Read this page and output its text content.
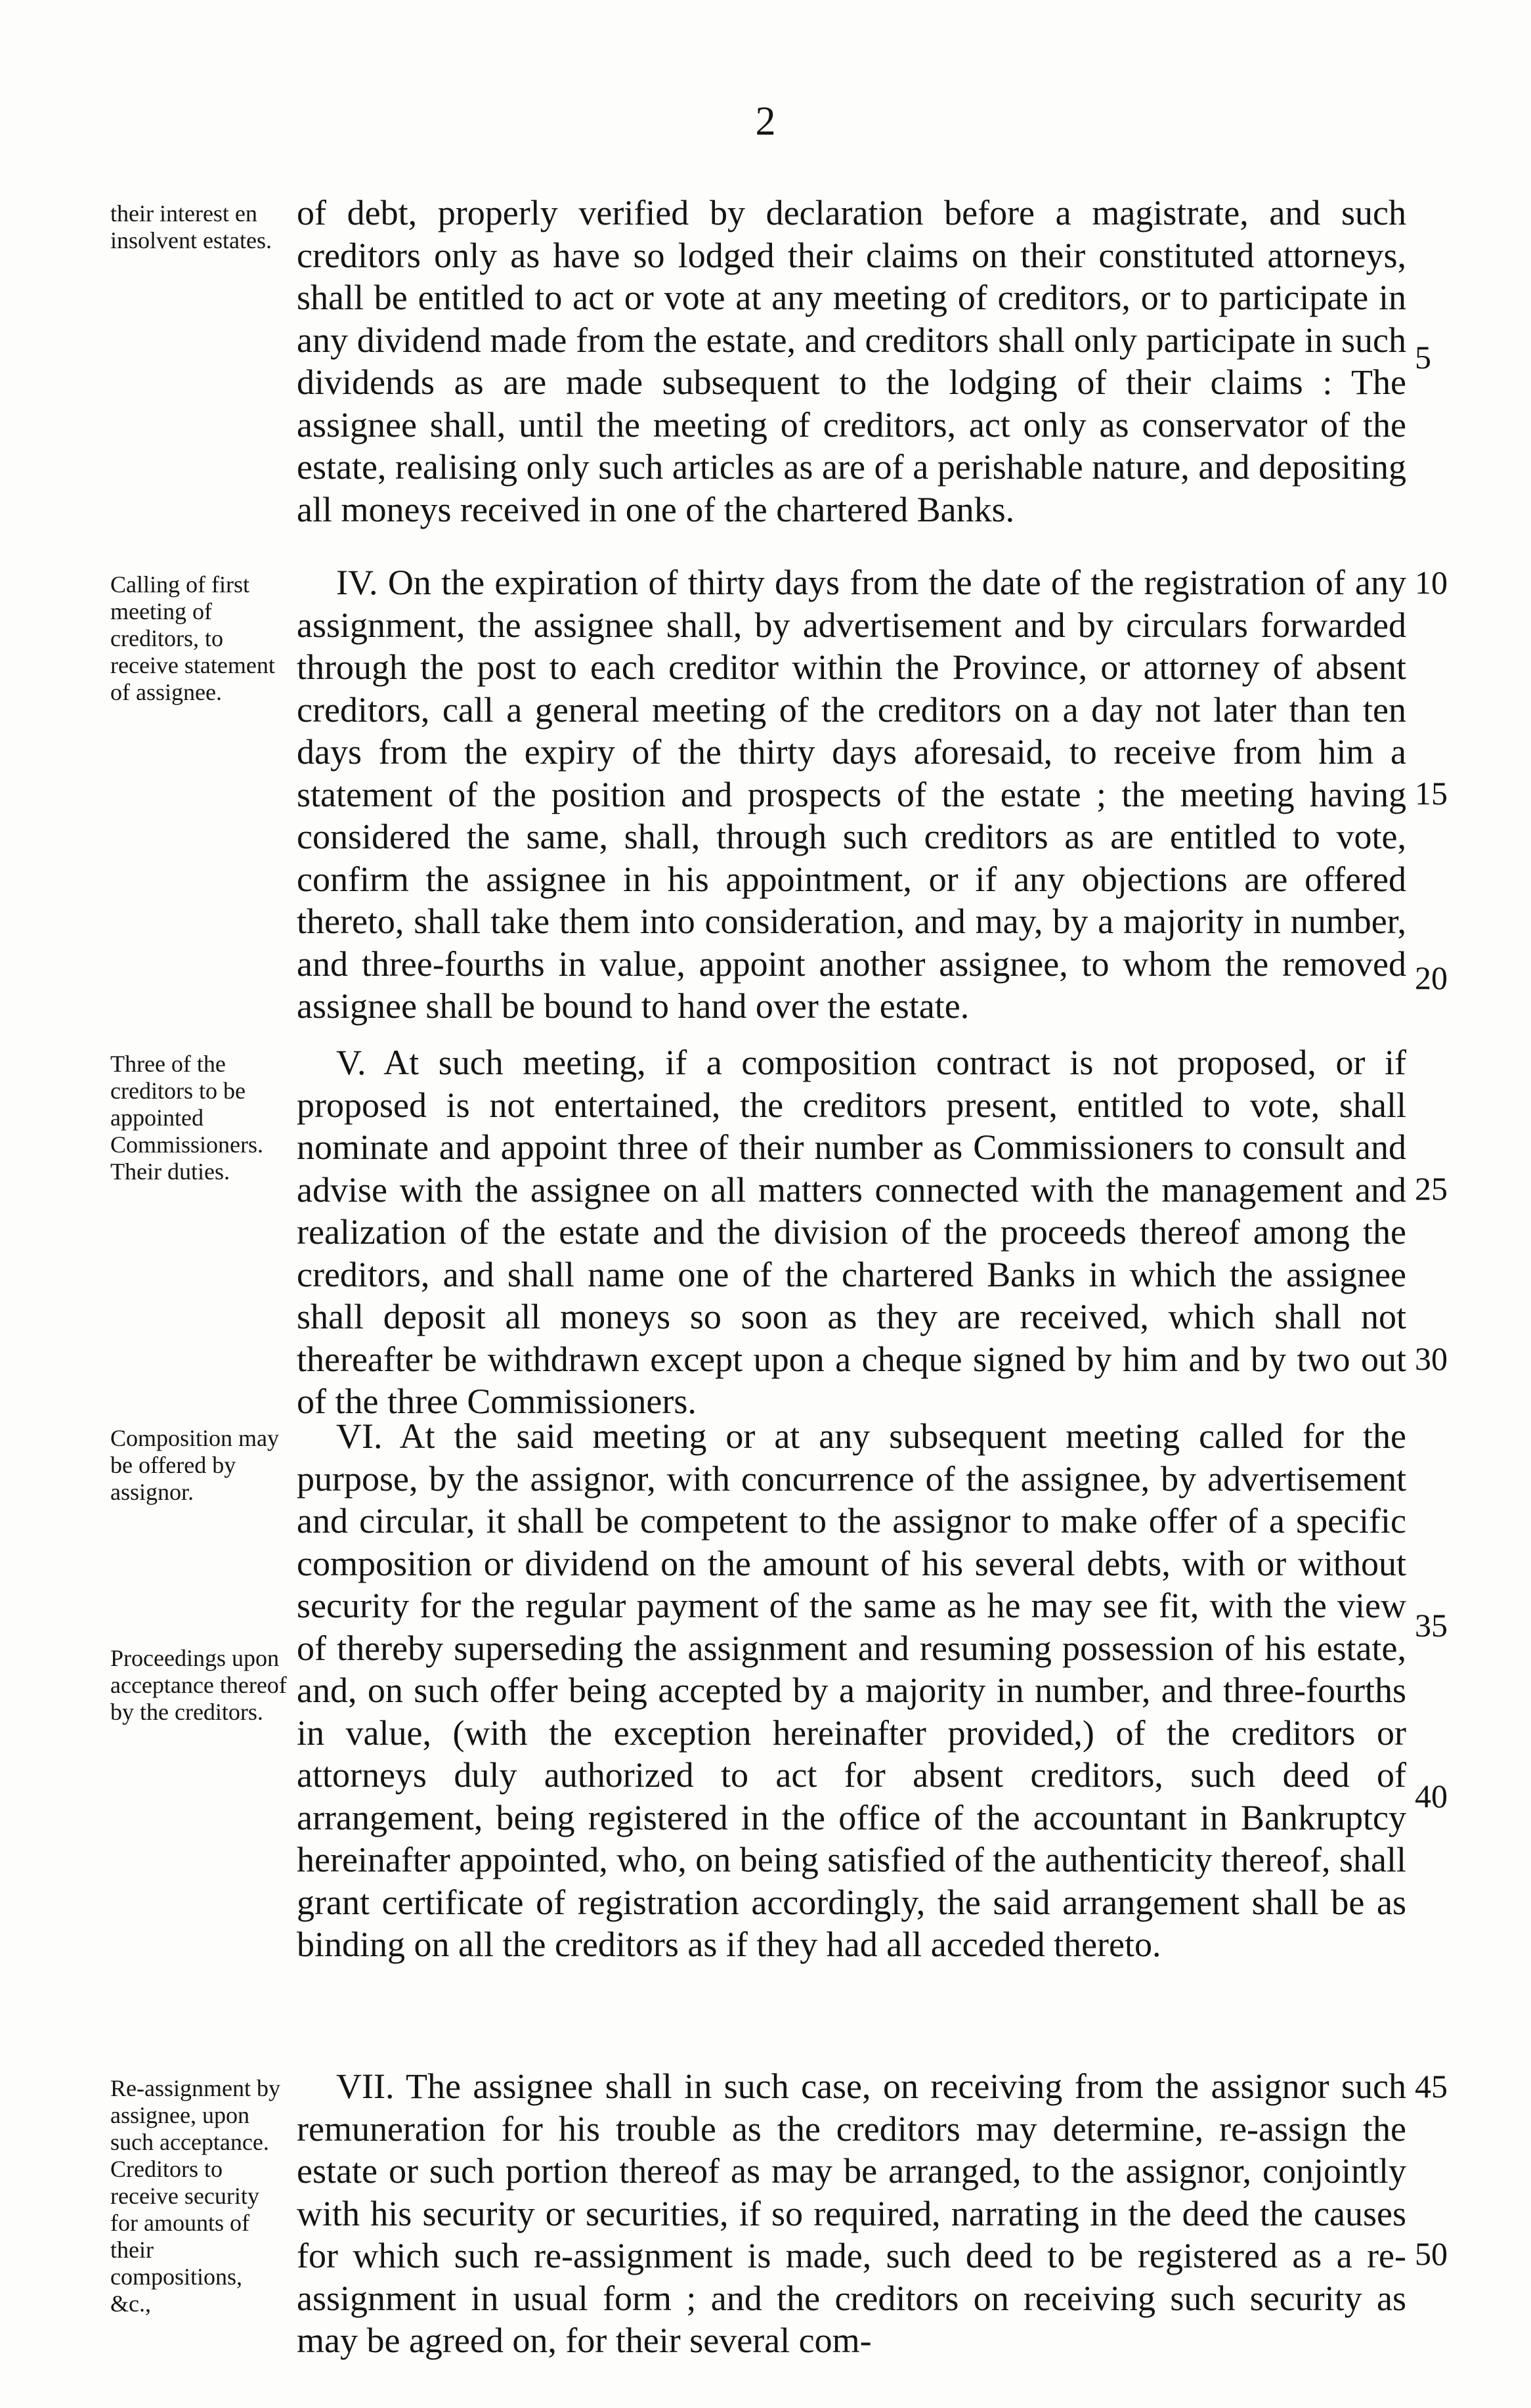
2
their interest en insolvent estates.

of debt, properly verified by declaration before a magistrate, and such creditors only as have so lodged their claims on their constituted attorneys, shall be entitled to act or vote at any meeting of creditors, or to participate in any dividend made from the estate, and creditors shall only participate in such dividends as are made subsequent to the lodging of their claims : The assignee shall, until the meeting of creditors, act only as conservator of the estate, realising only such articles as are of a perishable nature, and depositing all moneys received in one of the chartered Banks.

Calling of first meeting of creditors, to receive statement of assignee.

IV. On the expiration of thirty days from the date of the registration of any assignment, the assignee shall, by advertisement and by circulars forwarded through the post to each creditor within the Province, or attorney of absent creditors, call a general meeting of the creditors on a day not later than ten days from the expiry of the thirty days aforesaid, to receive from him a statement of the position and prospects of the estate ; the meeting having considered the same, shall, through such creditors as are entitled to vote, confirm the assignee in his appointment, or if any objections are offered thereto, shall take them into consideration, and may, by a majority in number, and three-fourths in value, appoint another assignee, to whom the removed assignee shall be bound to hand over the estate.

Three of the creditors to be appointed Commissioners. Their duties.

V. At such meeting, if a composition contract is not proposed, or if proposed is not entertained, the creditors present, entitled to vote, shall nominate and appoint three of their number as Commissioners to consult and advise with the assignee on all matters connected with the management and realization of the estate and the division of the proceeds thereof among the creditors, and shall name one of the chartered Banks in which the assignee shall deposit all moneys so soon as they are received, which shall not thereafter be withdrawn except upon a cheque signed by him and by two out of the three Commissioners.

Composition may be offered by assignor.
Proceedings upon acceptance thereof by the creditors.

VI. At the said meeting or at any subsequent meeting called for the purpose, by the assignor, with concurrence of the assignee, by advertisement and circular, it shall be competent to the assignor to make offer of a specific composition or dividend on the amount of his several debts, with or without security for the regular payment of the same as he may see fit, with the view of thereby superseding the assignment and resuming possession of his estate, and, on such offer being accepted by a majority in number, and three-fourths in value, (with the exception hereinafter provided,) of the creditors or attorneys duly authorized to act for absent creditors, such deed of arrangement, being registered in the office of the accountant in Bankruptcy hereinafter appointed, who, on being satisfied of the authenticity thereof, shall grant certificate of registration accordingly, the said arrangement shall be as binding on all the creditors as if they had all acceded thereto.

Re-assignment by assignee, upon such acceptance. Creditors to receive security for amounts of their compositions, &c.,

VII. The assignee shall in such case, on receiving from the assignor such remuneration for his trouble as the creditors may determine, re-assign the estate or such portion thereof as may be arranged, to the assignor, conjointly with his security or securities, if so required, narrating in the deed the causes for which such re-assignment is made, such deed to be registered as a re-assignment in usual form ; and the creditors on receiving such security as may be agreed on, for their several com-

5
10
15
20
25
30
35
40
45
50
